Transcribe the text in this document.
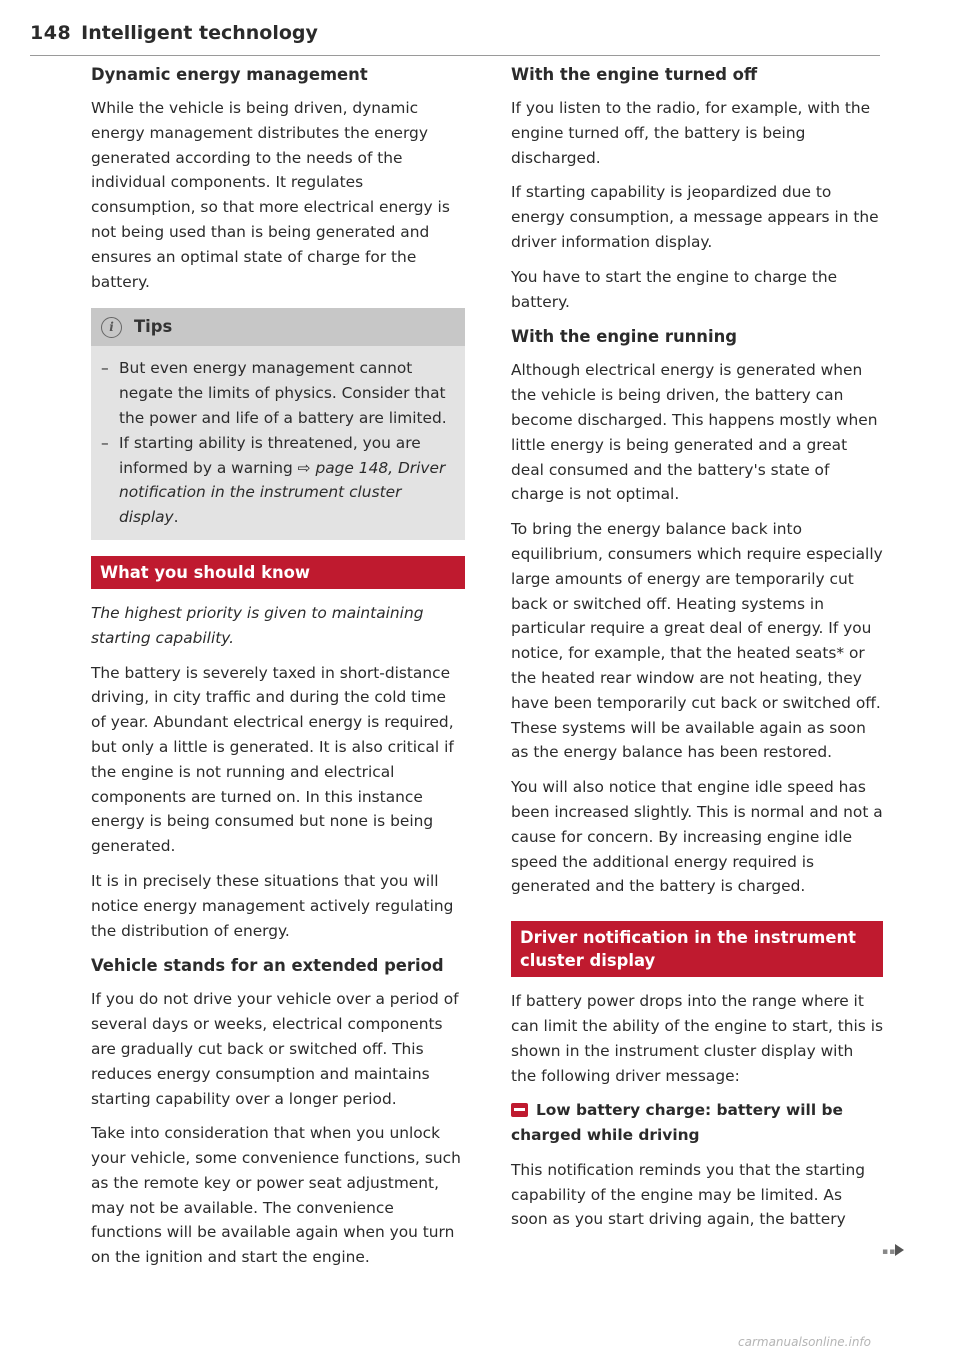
148 Intelligent technology
Dynamic energy management

While the vehicle is being driven, dynamic energy management distributes the energy generated according to the needs of the individual components. It regulates consumption, so that more electrical energy is not being used than is being generated and ensures an optimal state of charge for the battery.

i	Tips
– But even energy management cannot negate the limits of physics. Consider that the power and life of a battery are limited.
– If starting ability is threatened, you are informed by a warning ⇨ page 148, Driver notification in the instrument cluster display.
What you should know

The highest priority is given to maintaining starting capability.

The battery is severely taxed in short-distance driving, in city traffic and during the cold time of year. Abundant electrical energy is required, but only a little is generated. It is also critical if the engine is not running and electrical components are turned on. In this instance energy is being consumed but none is being generated.

It is in precisely these situations that you will notice energy management actively regulating the distribution of energy.

Vehicle stands for an extended period

If you do not drive your vehicle over a period of several days or weeks, electrical components are gradually cut back or switched off. This reduces energy consumption and maintains starting capability over a longer period.

Take into consideration that when you unlock your vehicle, some convenience functions, such as the remote key or power seat adjustment, may not be available. The convenience functions will be available again when you turn on the ignition and start the engine.

With the engine turned off

If you listen to the radio, for example, with the engine turned off, the battery is being discharged.

If starting capability is jeopardized due to energy consumption, a message appears in the driver information display.

You have to start the engine to charge the battery.

With the engine running

Although electrical energy is generated when the vehicle is being driven, the battery can become discharged. This happens mostly when little energy is being generated and a great deal consumed and the battery's state of charge is not optimal.

To bring the energy balance back into equilibrium, consumers which require especially large amounts of energy are temporarily cut back or switched off. Heating systems in particular require a great deal of energy. If you notice, for example, that the heated seats* or the heated rear window are not heating, they have been temporarily cut back or switched off. These systems will be available again as soon as the energy balance has been restored.

You will also notice that engine idle speed has been increased slightly. This is normal and not a cause for concern. By increasing engine idle speed the additional energy required is generated and the battery is charged.

Driver notification in the instrument cluster display

If battery power drops into the range where it can limit the ability of the engine to start, this is shown in the instrument cluster display with the following driver message:

Low battery charge: battery will be charged while driving

This notification reminds you that the starting capability of the engine may be limited. As soon as you start driving again, the battery

▪▪
carmanualsonline.info
